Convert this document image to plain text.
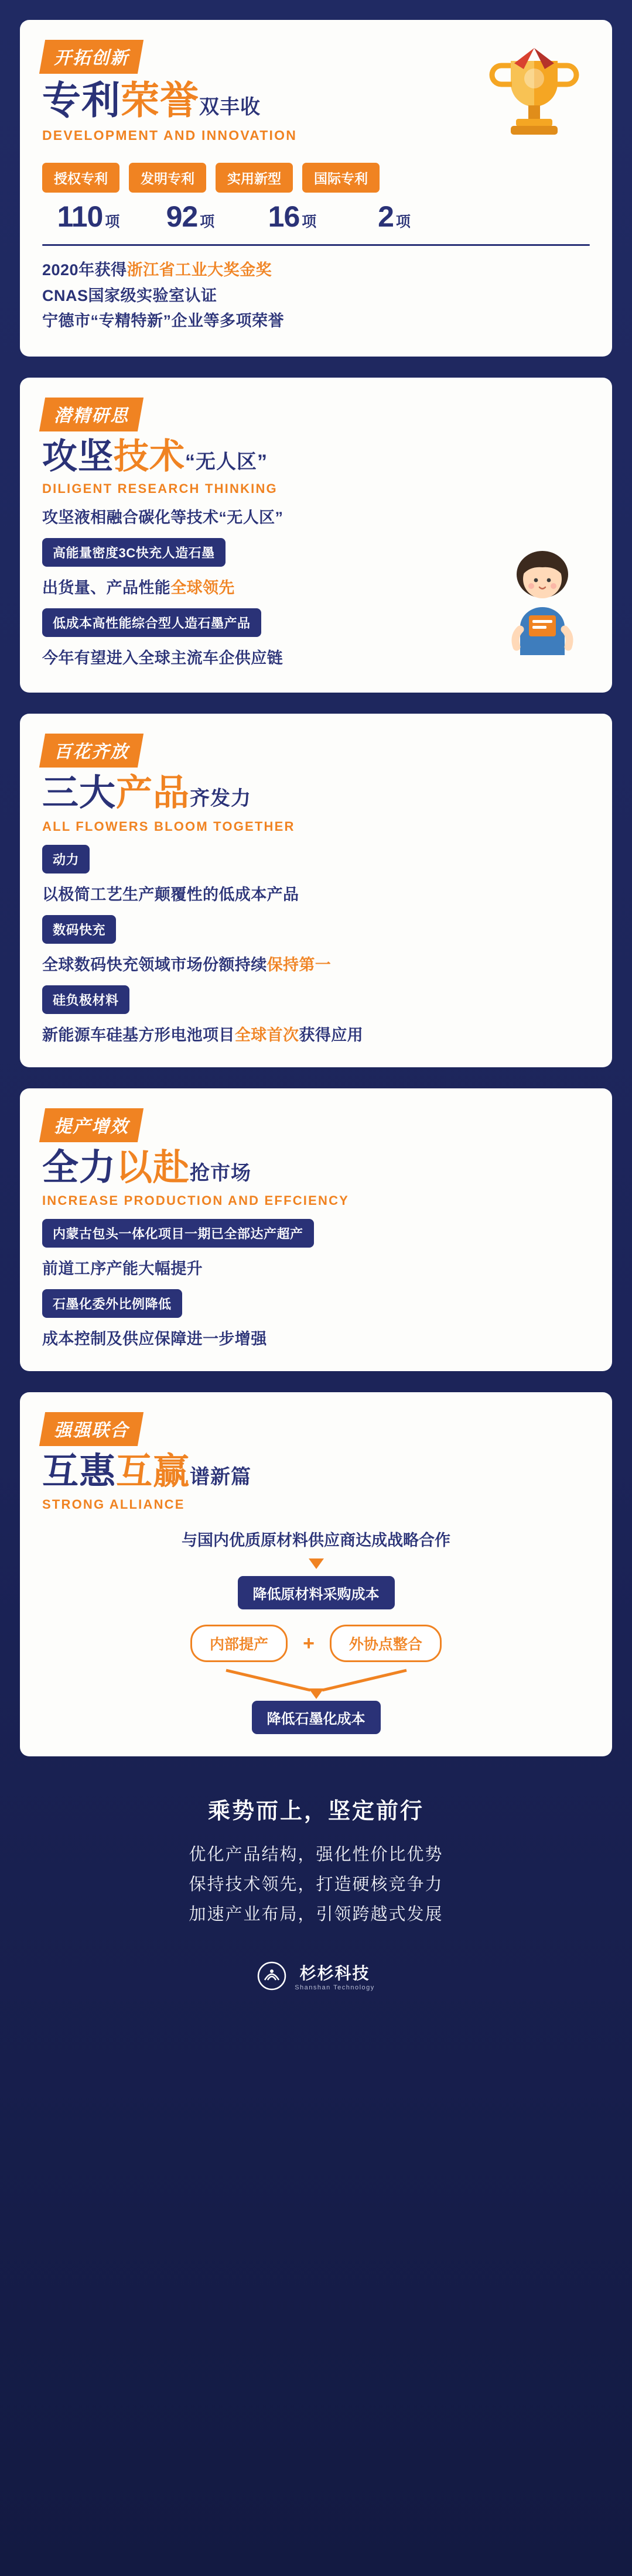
开拓创新
专利荣誉双丰收
DEVELOPMENT AND INNOVATION
授权专利	发明专利	实用新型	国际专利
110 项	92 项	16 项	2 项
2020年获得浙江省工业大奖金奖
CNAS国家级实验室认证
宁德市“专精特新”企业等多项荣誉
潜精研思
攻坚技术“无人区”
DILIGENT RESEARCH THINKING
攻坚液相融合碳化等技术“无人区”
高能量密度3C快充人造石墨
出货量、产品性能全球领先
低成本高性能综合型人造石墨产品
今年有望进入全球主流车企供应链
百花齐放
三大产品齐发力
ALL FLOWERS BLOOM TOGETHER
动力
以极简工艺生产颠覆性的低成本产品
数码快充
全球数码快充领域市场份额持续保持第一
硅负极材料
新能源车硅基方形电池项目全球首次获得应用
提产增效
全力以赴抢市场
INCREASE PRODUCTION AND EFFCIENCY
内蒙古包头一体化项目一期已全部达产超产
前道工序产能大幅提升
石墨化委外比例降低
成本控制及供应保障进一步增强
强强联合
互惠互赢谱新篇
STRONG ALLIANCE
与国内优质原材料供应商达成战略合作
降低原材料采购成本
内部提产	+	外协点整合
降低石墨化成本
乘势而上，坚定前行

优化产品结构，强化性价比优势

保持技术领先，打造硬核竞争力

加速产业布局，引领跨越式发展

杉杉科技
Shanshan Technology
